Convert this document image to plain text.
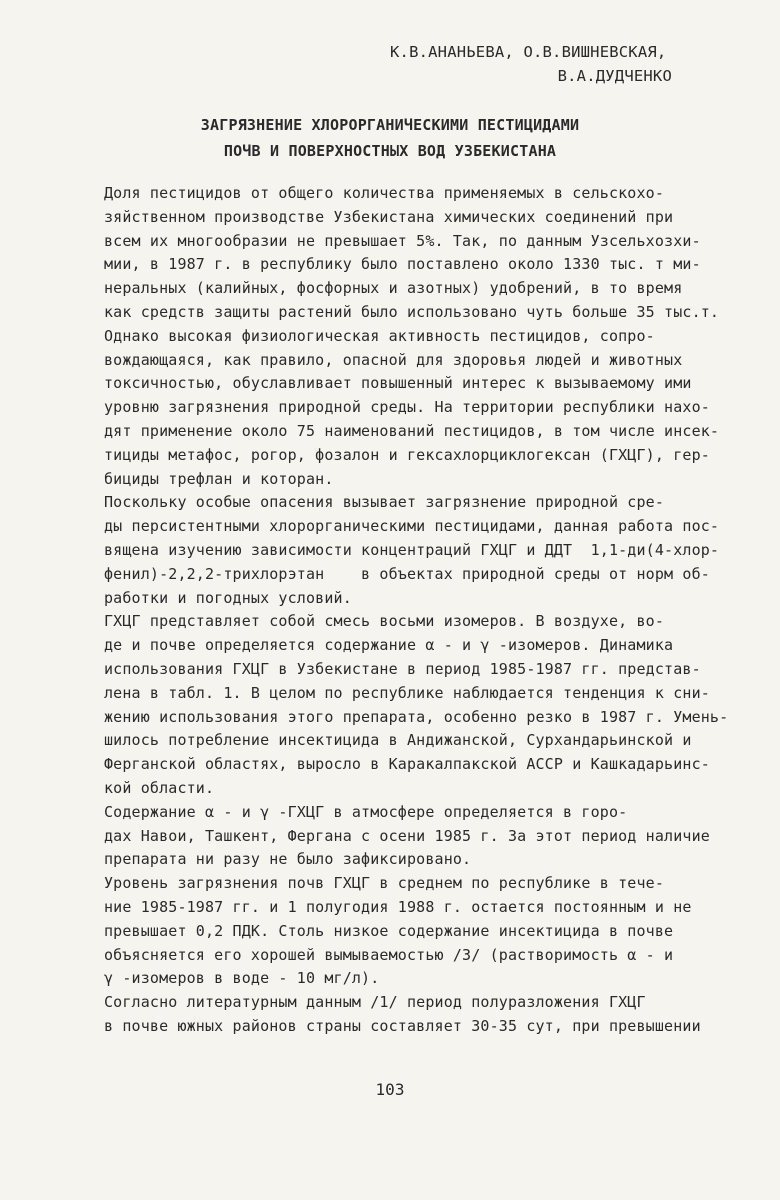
К.В.АНАНЬЕВА, О.В.ВИШНЕВСКАЯ,
В.А.ДУДЧЕНКО
ЗАГРЯЗНЕНИЕ ХЛОРОРГАНИЧЕСКИМИ ПЕСТИЦИДАМИ
ПОЧВ И ПОВЕРХНОСТНЫХ ВОД УЗБЕКИСТАНА
Доля пестицидов от общего количества применяемых в сельскохо-
зяйственном производстве Узбекистана химических соединений при
всем их многообразии не превышает 5%. Так, по данным Узсельхозхи-
мии, в 1987 г. в республику было поставлено около 1330 тыс. т ми-
неральных (калийных, фосфорных и азотных) удобрений, в то время
как средств защиты растений было использовано чуть больше 35 тыс.т.
Однако высокая физиологическая активность пестицидов, сопро-
вождающаяся, как правило, опасной для здоровья людей и животных
токсичностью, обуславливает повышенный интерес к вызываемому ими
уровню загрязнения природной среды. На территории республики нахо-
дят применение около 75 наименований пестицидов, в том числе инсек-
тициды метафос, рогор, фозалон и гексахлорциклогексан (ГХЦГ), гер-
бициды трефлан и которан.
Поскольку особые опасения вызывает загрязнение природной сре-
ды персистентными хлорорганическими пестицидами, данная работа пос-
вящена изучению зависимости концентраций ГХЦГ и ДДТ  1,1-ди(4-хлор-
фенил)-2,2,2-трихлорэтан    в объектах природной среды от норм об-
работки и погодных условий.
ГХЦГ представляет собой смесь восьми изомеров. В воздухе, во-
де и почве определяется содержание α - и γ -изомеров. Динамика
использования ГХЦГ в Узбекистане в период 1985-1987 гг. представ-
лена в табл. 1. В целом по республике наблюдается тенденция к сни-
жению использования этого препарата, особенно резко в 1987 г. Умень-
шилось потребление инсектицида в Андижанской, Сурхандарьинской и
Ферганской областях, выросло в Каракалпакской АССР и Кашкадарьинс-
кой области.
Содержание α - и γ -ГХЦГ в атмосфере определяется в горо-
дах Навои, Ташкент, Фергана с осени 1985 г. За этот период наличие
препарата ни разу не было зафиксировано.
Уровень загрязнения почв ГХЦГ в среднем по республике в тече-
ние 1985-1987 гг. и 1 полугодия 1988 г. остается постоянным и не
превышает 0,2 ПДК. Столь низкое содержание инсектицида в почве
объясняется его хорошей вымываемостью /3/ (растворимость α - и
γ -изомеров в воде - 10 мг/л).
Согласно литературным данным /1/ период полуразложения ГХЦГ
в почве южных районов страны составляет 30-35 сут, при превышении
103
